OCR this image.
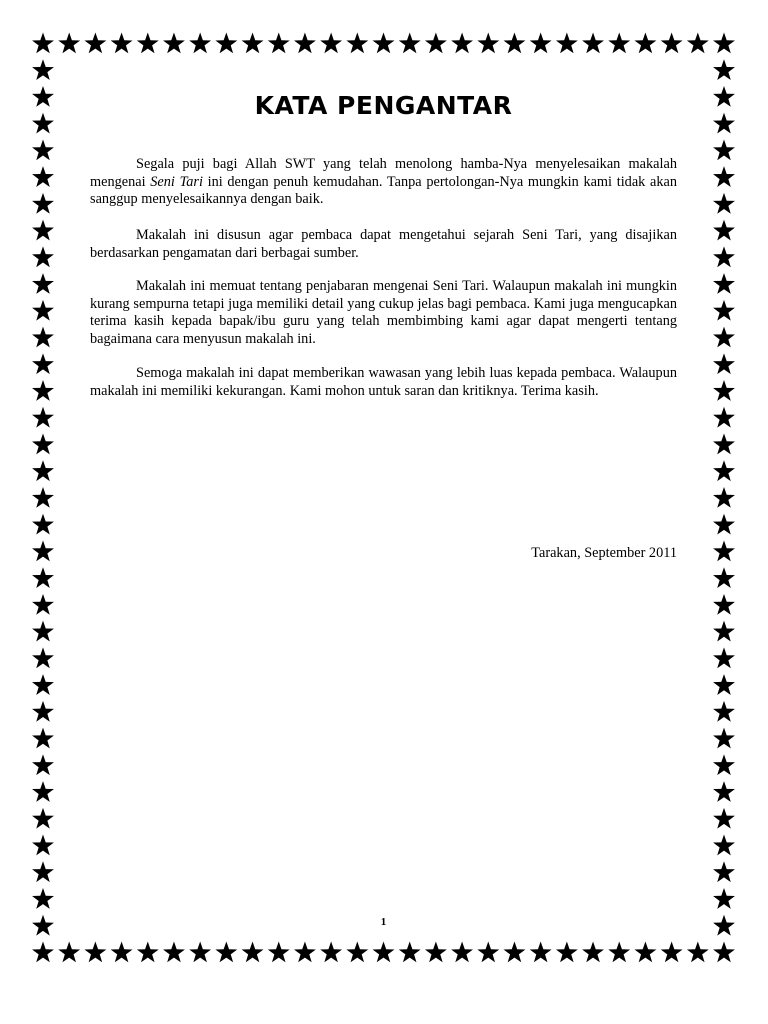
KATA PENGANTAR

Segala puji bagi Allah SWT yang telah menolong hamba-Nya menyelesaikan makalah mengenai Seni Tari ini dengan penuh kemudahan. Tanpa pertolongan-Nya mungkin kami tidak akan sanggup menyelesaikannya dengan baik.

Makalah ini disusun agar pembaca dapat mengetahui sejarah Seni Tari, yang disajikan berdasarkan pengamatan dari berbagai sumber.

Makalah ini memuat tentang penjabaran mengenai Seni Tari. Walaupun makalah ini mungkin kurang sempurna tetapi juga memiliki detail yang cukup jelas bagi pembaca. Kami juga mengucapkan terima kasih kepada bapak/ibu guru yang telah membimbing kami agar dapat mengerti tentang bagaimana cara menyusun makalah ini.

Semoga makalah ini dapat memberikan wawasan yang lebih luas kepada pembaca. Walaupun makalah ini memiliki kekurangan. Kami mohon untuk saran dan kritiknya. Terima kasih.

Tarakan, September 2011

1
